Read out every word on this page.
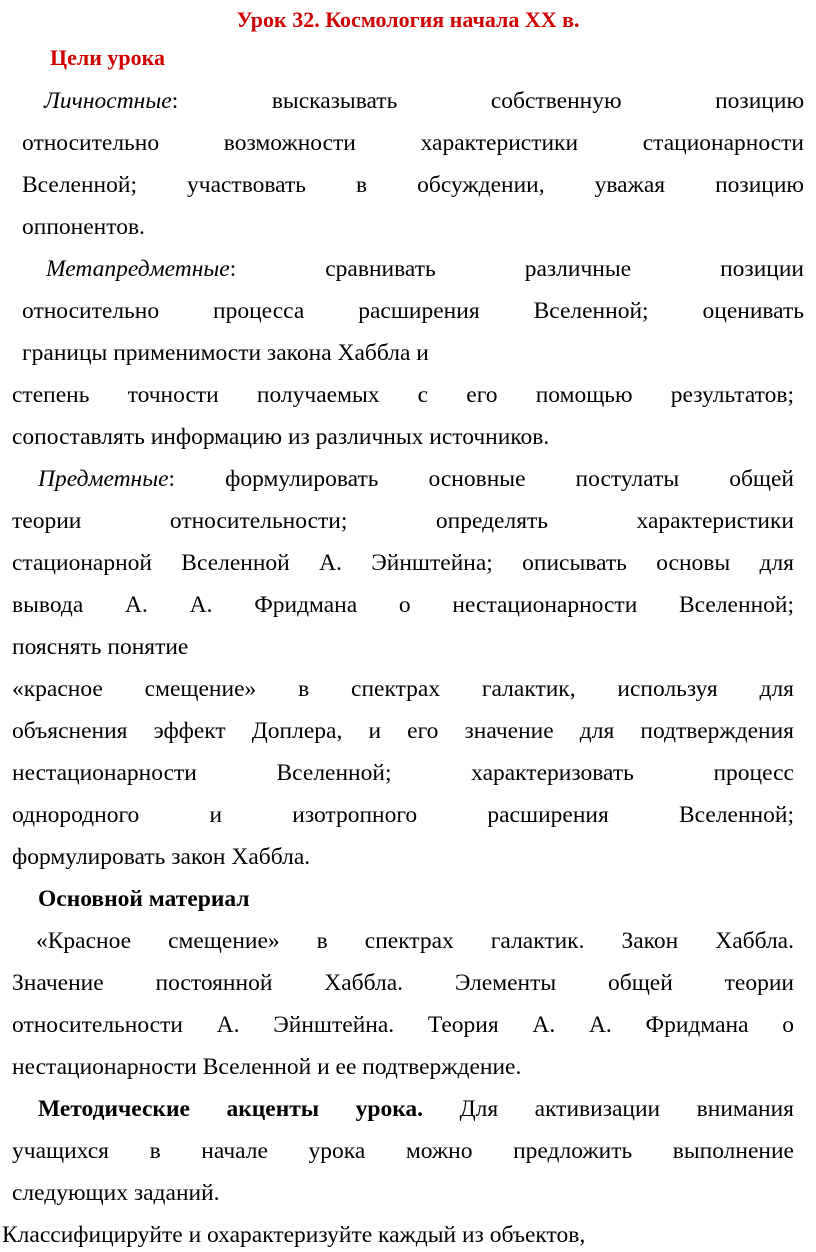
Урок 32. Космология начала XX в.
Цели урока
Личностные: высказывать собственную позицию
относительно возможности характеристики стационарности
Вселенной; участвовать в обсуждении, уважая позицию
оппонентов.
Метапредметные: сравнивать различные позиции
относительно процесса расширения Вселенной; оценивать
границы применимости закона Хаббла и
степень точности получаемых с его помощью результатов;
сопоставлять информацию из различных источников.
Предметные: формулировать основные постулаты общей
теории относительности; определять характеристики
стационарной Вселенной А. Эйнштейна; описывать основы для
вывода А. А. Фридмана о нестационарности Вселенной;
пояснять понятие
«красное смещение» в спектрах галактик, используя для
объяснения эффект Доплера, и его значение для подтверждения
нестационарности Вселенной; характеризовать процесс
однородного и изотропного расширения Вселенной;
формулировать закон Хаббла.
Основной материал
«Красное смещение» в спектрах галактик. Закон Хаббла.
Значение постоянной Хаббла. Элементы общей теории
относительности А. Эйнштейна. Теория А. А. Фридмана о
нестационарности Вселенной и ее подтверждение.
Методические акценты урока. Для активизации внимания
учащихся в начале урока можно предложить выполнение
следующих заданий.
Классифицируйте и охарактеризуйте каждый из объектов,
